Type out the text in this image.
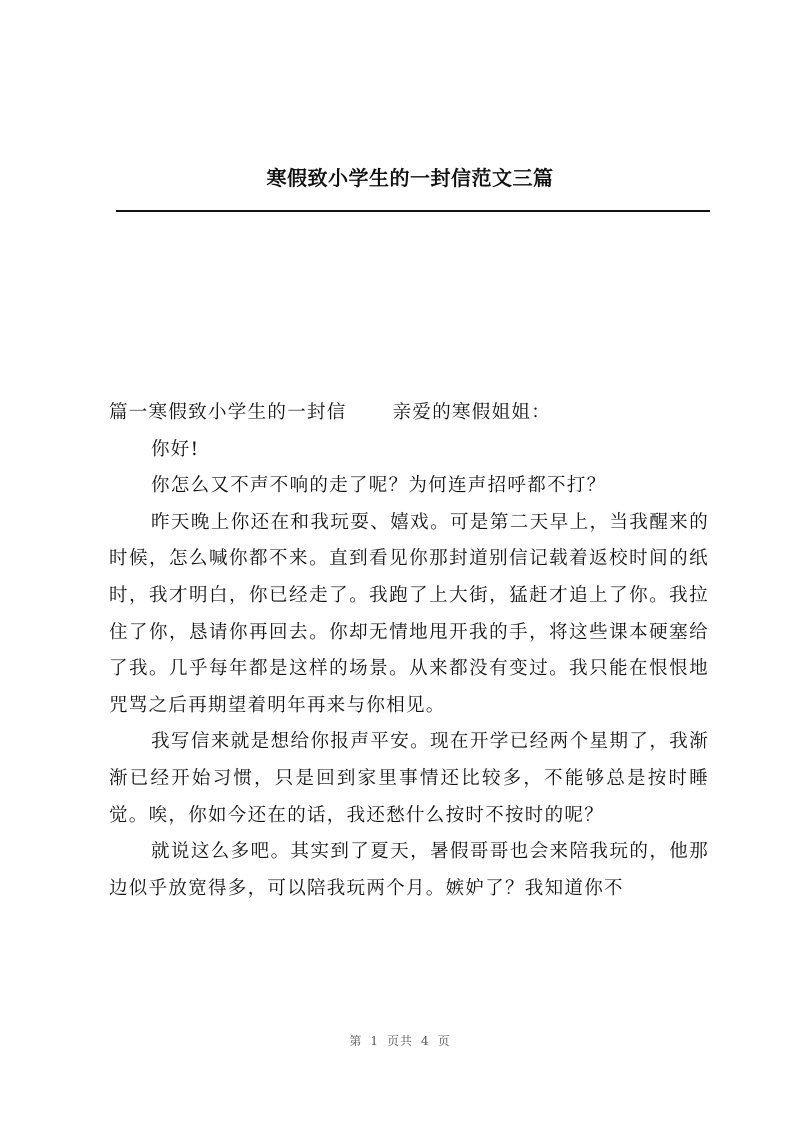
寒假致小学生的一封信范文三篇

篇一寒假致小学生的一封信 亲爱的寒假姐姐：

你好!

你怎么又不声不响的走了呢？为何连声招呼都不打？

昨天晚上你还在和我玩耍、嬉戏。可是第二天早上，当我醒来的时候，怎么喊你都不来。直到看见你那封道别信记载着返校时间的纸时，我才明白，你已经走了。我跑了上大街，猛赶才追上了你。我拉住了你，恳请你再回去。你却无情地甩开我的手，将这些课本硬塞给了我。几乎每年都是这样的场景。从来都没有变过。我只能在恨恨地咒骂之后再期望着明年再来与你相见。

我写信来就是想给你报声平安。现在开学已经两个星期了，我渐渐已经开始习惯，只是回到家里事情还比较多，不能够总是按时睡觉。唉，你如今还在的话，我还愁什么按时不按时的呢？

就说这么多吧。其实到了夏天，暑假哥哥也会来陪我玩的，他那边似乎放宽得多，可以陪我玩两个月。嫉妒了？我知道你不

第 1 页共 4 页
